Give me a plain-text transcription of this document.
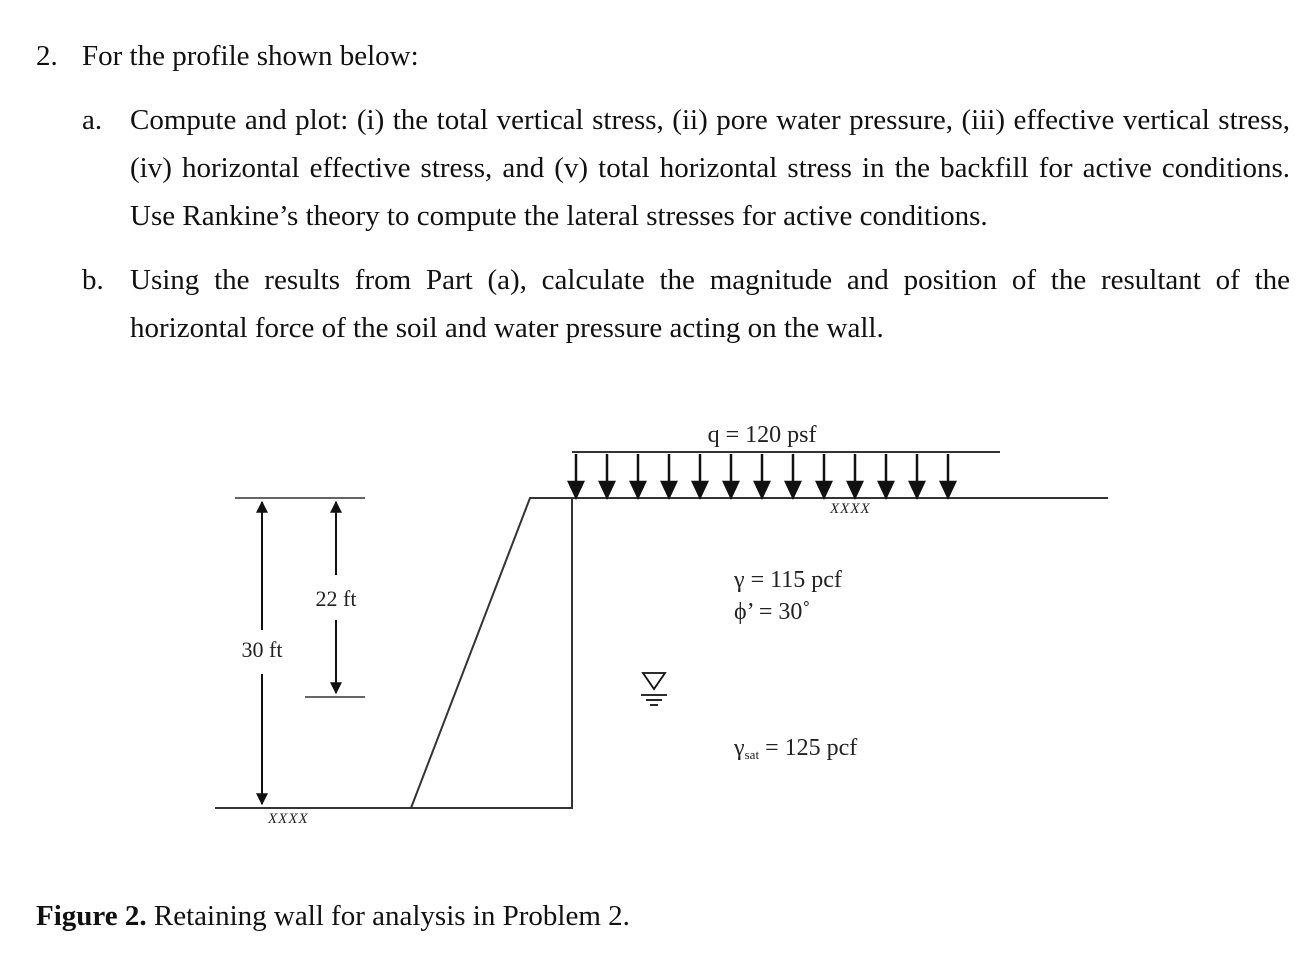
2. For the profile shown below:
a. Compute and plot: (i) the total vertical stress, (ii) pore water pressure, (iii) effective vertical stress, (iv) horizontal effective stress, and (v) total horizontal stress in the backfill for active conditions. Use Rankine’s theory to compute the lateral stresses for active conditions.
b. Using the results from Part (a), calculate the magnitude and position of the resultant of the horizontal force of the soil and water pressure acting on the wall.
30 ft
22 ft
q = 120 psf
γ = 115 pcf
ϕ’ = 30˚
γsat = 125 pcf
XXXX
XXXX
Figure 2. Retaining wall for analysis in Problem 2.
